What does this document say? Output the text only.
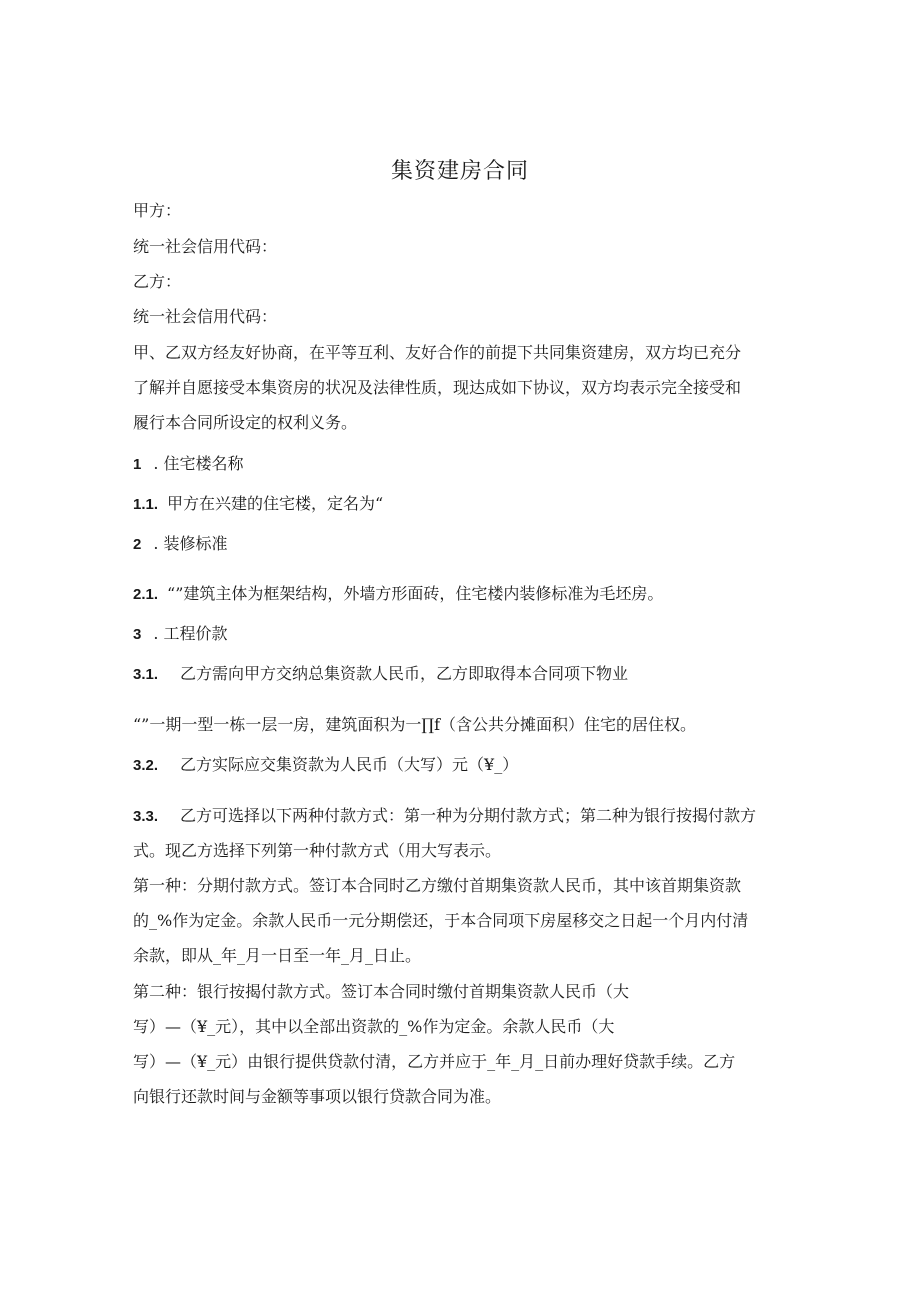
集资建房合同
甲方：
统一社会信用代码：
乙方：
统一社会信用代码：
甲、乙双方经友好协商，在平等互利、友好合作的前提下共同集资建房，双方均已充分
了解并自愿接受本集资房的状况及法律性质，现达成如下协议，双方均表示完全接受和
履行本合同所设定的权利义务。
1 . 住宅楼名称
1.1. 甲方在兴建的住宅楼，定名为“
2 . 装修标准
2.1. “”建筑主体为框架结构，外墙方形面砖，住宅楼内装修标准为毛坯房。
3 . 工程价款
3.1. 乙方需向甲方交纳总集资款人民币，乙方即取得本合同项下物业
“”一期一型一栋一层一房，建筑面积为一∏f（含公共分摊面积）住宅的居住权。
3.2. 乙方实际应交集资款为人民币（大写）元（¥_）
3.3. 乙方可选择以下两种付款方式：第一种为分期付款方式；第二种为银行按揭付款方
式。现乙方选择下列第一种付款方式（用大写表示。
第一种：分期付款方式。签订本合同时乙方缴付首期集资款人民币，其中该首期集资款
的_%作为定金。余款人民币一元分期偿还，于本合同项下房屋移交之日起一个月内付清
余款，即从_年_月一日至一年_月_日止。
第二种：银行按揭付款方式。签订本合同时缴付首期集资款人民币（大
写）—（¥_元），其中以全部出资款的_%作为定金。余款人民币（大
写）—（¥_元）由银行提供贷款付清，乙方并应于_年_月_日前办理好贷款手续。乙方
向银行还款时间与金额等事项以银行贷款合同为准。
